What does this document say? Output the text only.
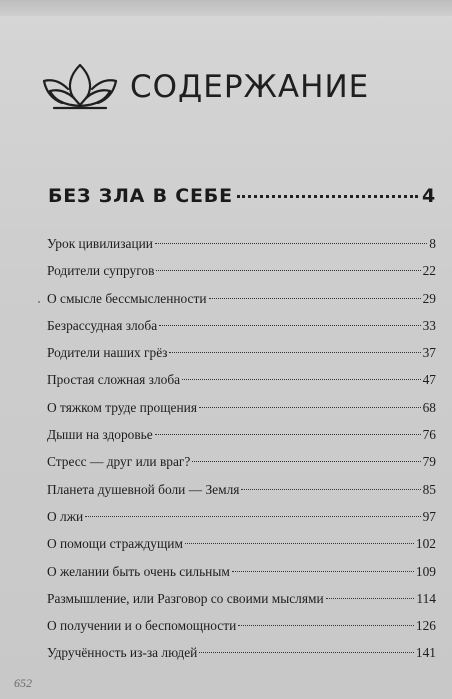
СОДЕРЖАНИЕ
БЕЗ ЗЛА В СЕБЕ	4
Урок цивилизации	8
Родители супругов	22
О смысле бессмысленности	29
Безрассудная злоба	33
Родители наших грёз	37
Простая сложная злоба	47
О тяжком труде прощения	68
Дыши на здоровье	76
Стресс — друг или враг?	79
Планета душевной боли — Земля	85
О лжи	97
О помощи страждущим	102
О желании быть очень сильным	109
Размышление, или Разговор со своими мыслями	114
О получении и о беспомощности	126
Удручённость из-за людей	141
652
